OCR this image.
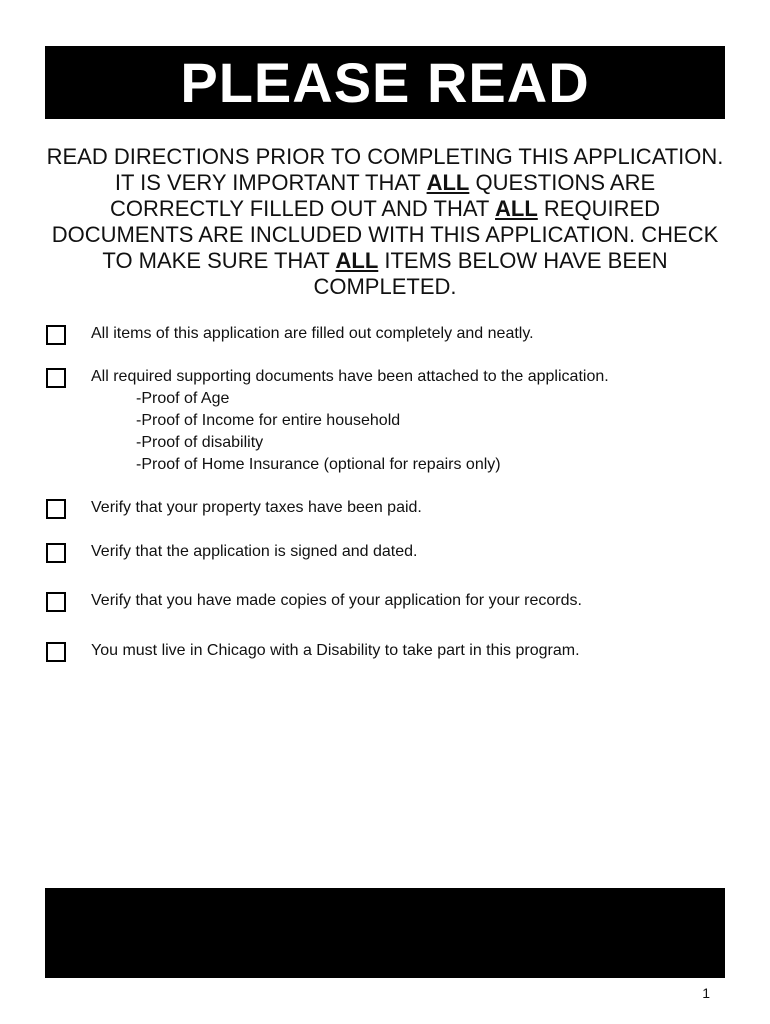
PLEASE READ
READ DIRECTIONS PRIOR TO COMPLETING THIS APPLICATION. IT IS VERY IMPORTANT THAT ALL QUESTIONS ARE CORRECTLY FILLED OUT AND THAT ALL REQUIRED DOCUMENTS ARE INCLUDED WITH THIS APPLICATION. CHECK TO MAKE SURE THAT ALL ITEMS BELOW HAVE BEEN COMPLETED.
All items of this application are filled out completely and neatly.
All required supporting documents have been attached to the application.
-Proof of Age
-Proof of Income for entire household
-Proof of disability
-Proof of Home Insurance (optional for repairs only)
Verify that your property taxes have been paid.
Verify that the application is signed and dated.
Verify that you have made copies of your application for your records.
You must live in Chicago with a Disability to take part in this program.
1
